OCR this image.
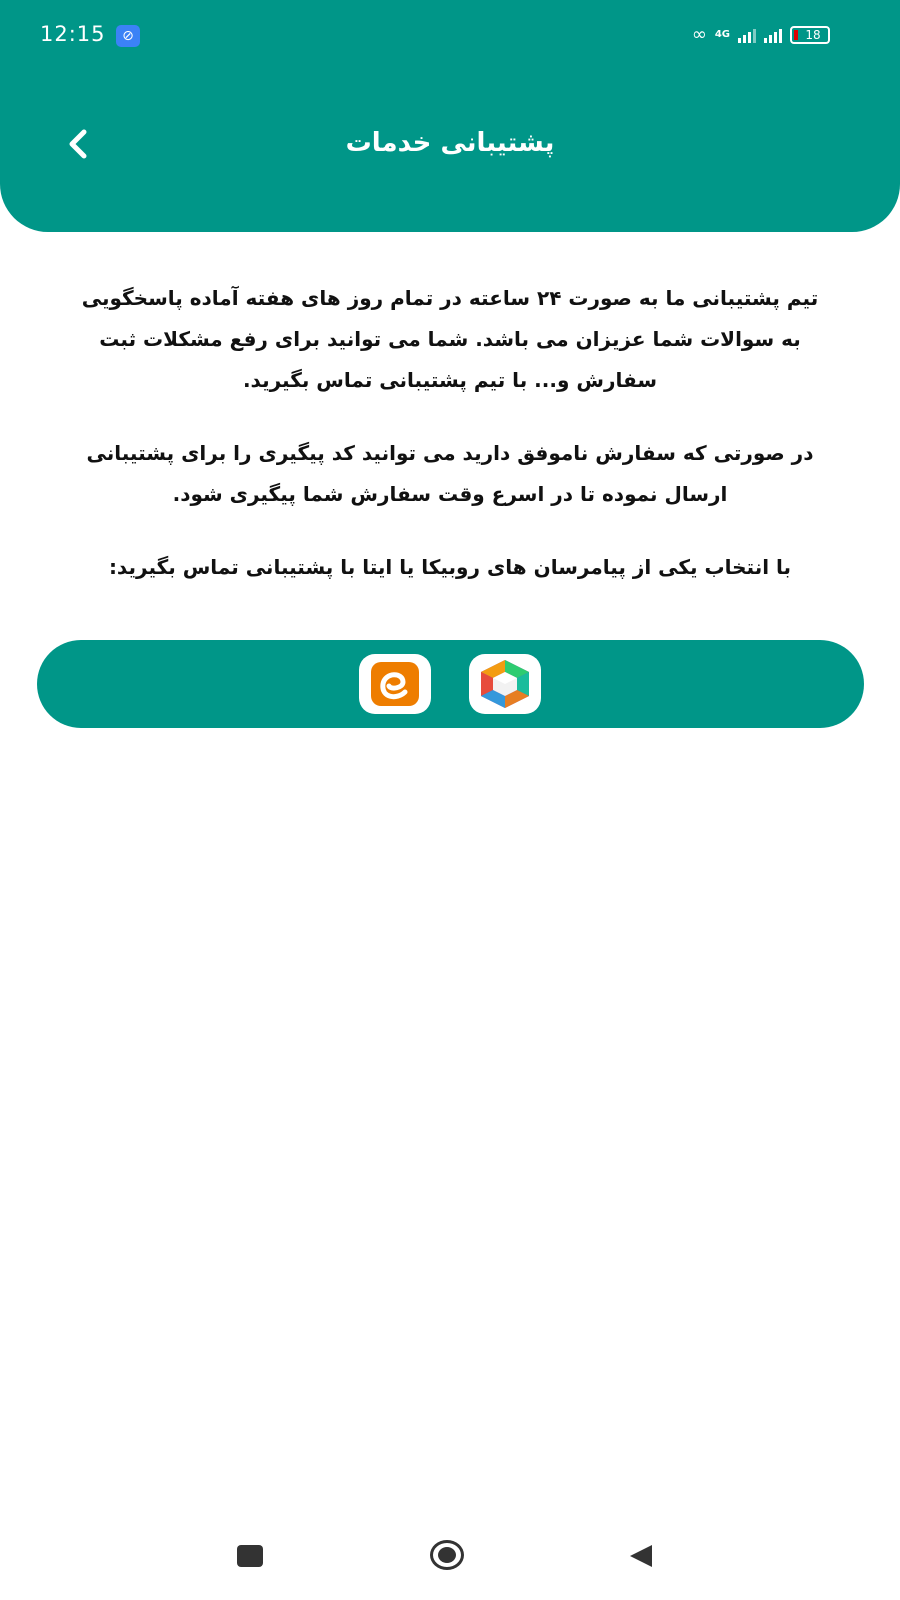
12:15	⊘	∞ 4G	18
پشتیبانی خدمات

تیم پشتیبانی ما به صورت ۲۴ ساعته در تمام روز های هفته آماده پاسخگویی به سوالات شما عزیزان می باشد. شما می توانید برای رفع مشکلات ثبت سفارش و... با تیم پشتیبانی تماس بگیرید.

در صورتی که سفارش ناموفق دارید می توانید کد پیگیری را برای پشتیبانی ارسال نموده تا در اسرع وقت سفارش شما پیگیری شود.

با انتخاب یکی از پیامرسان های روبیکا یا ایتا با پشتیبانی تماس بگیرید:
